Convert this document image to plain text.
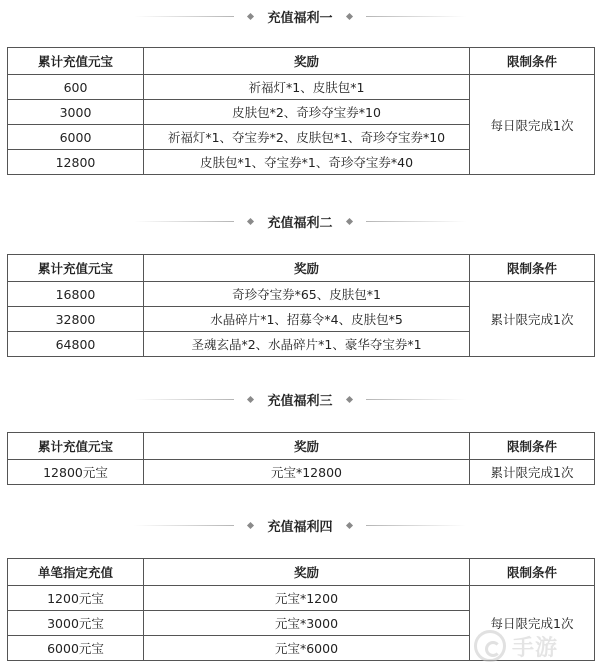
充值福利一
累计充值元宝	奖励	限制条件
600	祈福灯*1、皮肤包*1	每日限完成1次
3000	皮肤包*2、奇珍夺宝券*10	
6000	祈福灯*1、夺宝券*2、皮肤包*1、奇珍夺宝券*10	
12800	皮肤包*1、夺宝券*1、奇珍夺宝券*40	
充值福利二
累计充值元宝	奖励	限制条件
16800	奇珍夺宝券*65、皮肤包*1	累计限完成1次
32800	水晶碎片*1、招募令*4、皮肤包*5	
64800	圣魂玄晶*2、水晶碎片*1、豪华夺宝券*1	
充值福利三
累计充值元宝	奖励	限制条件
12800元宝	元宝*12800	累计限完成1次
充值福利四
单笔指定充值	奖励	限制条件
1200元宝	元宝*1200	每日限完成1次
3000元宝	元宝*3000	
6000元宝	元宝*6000		手游
